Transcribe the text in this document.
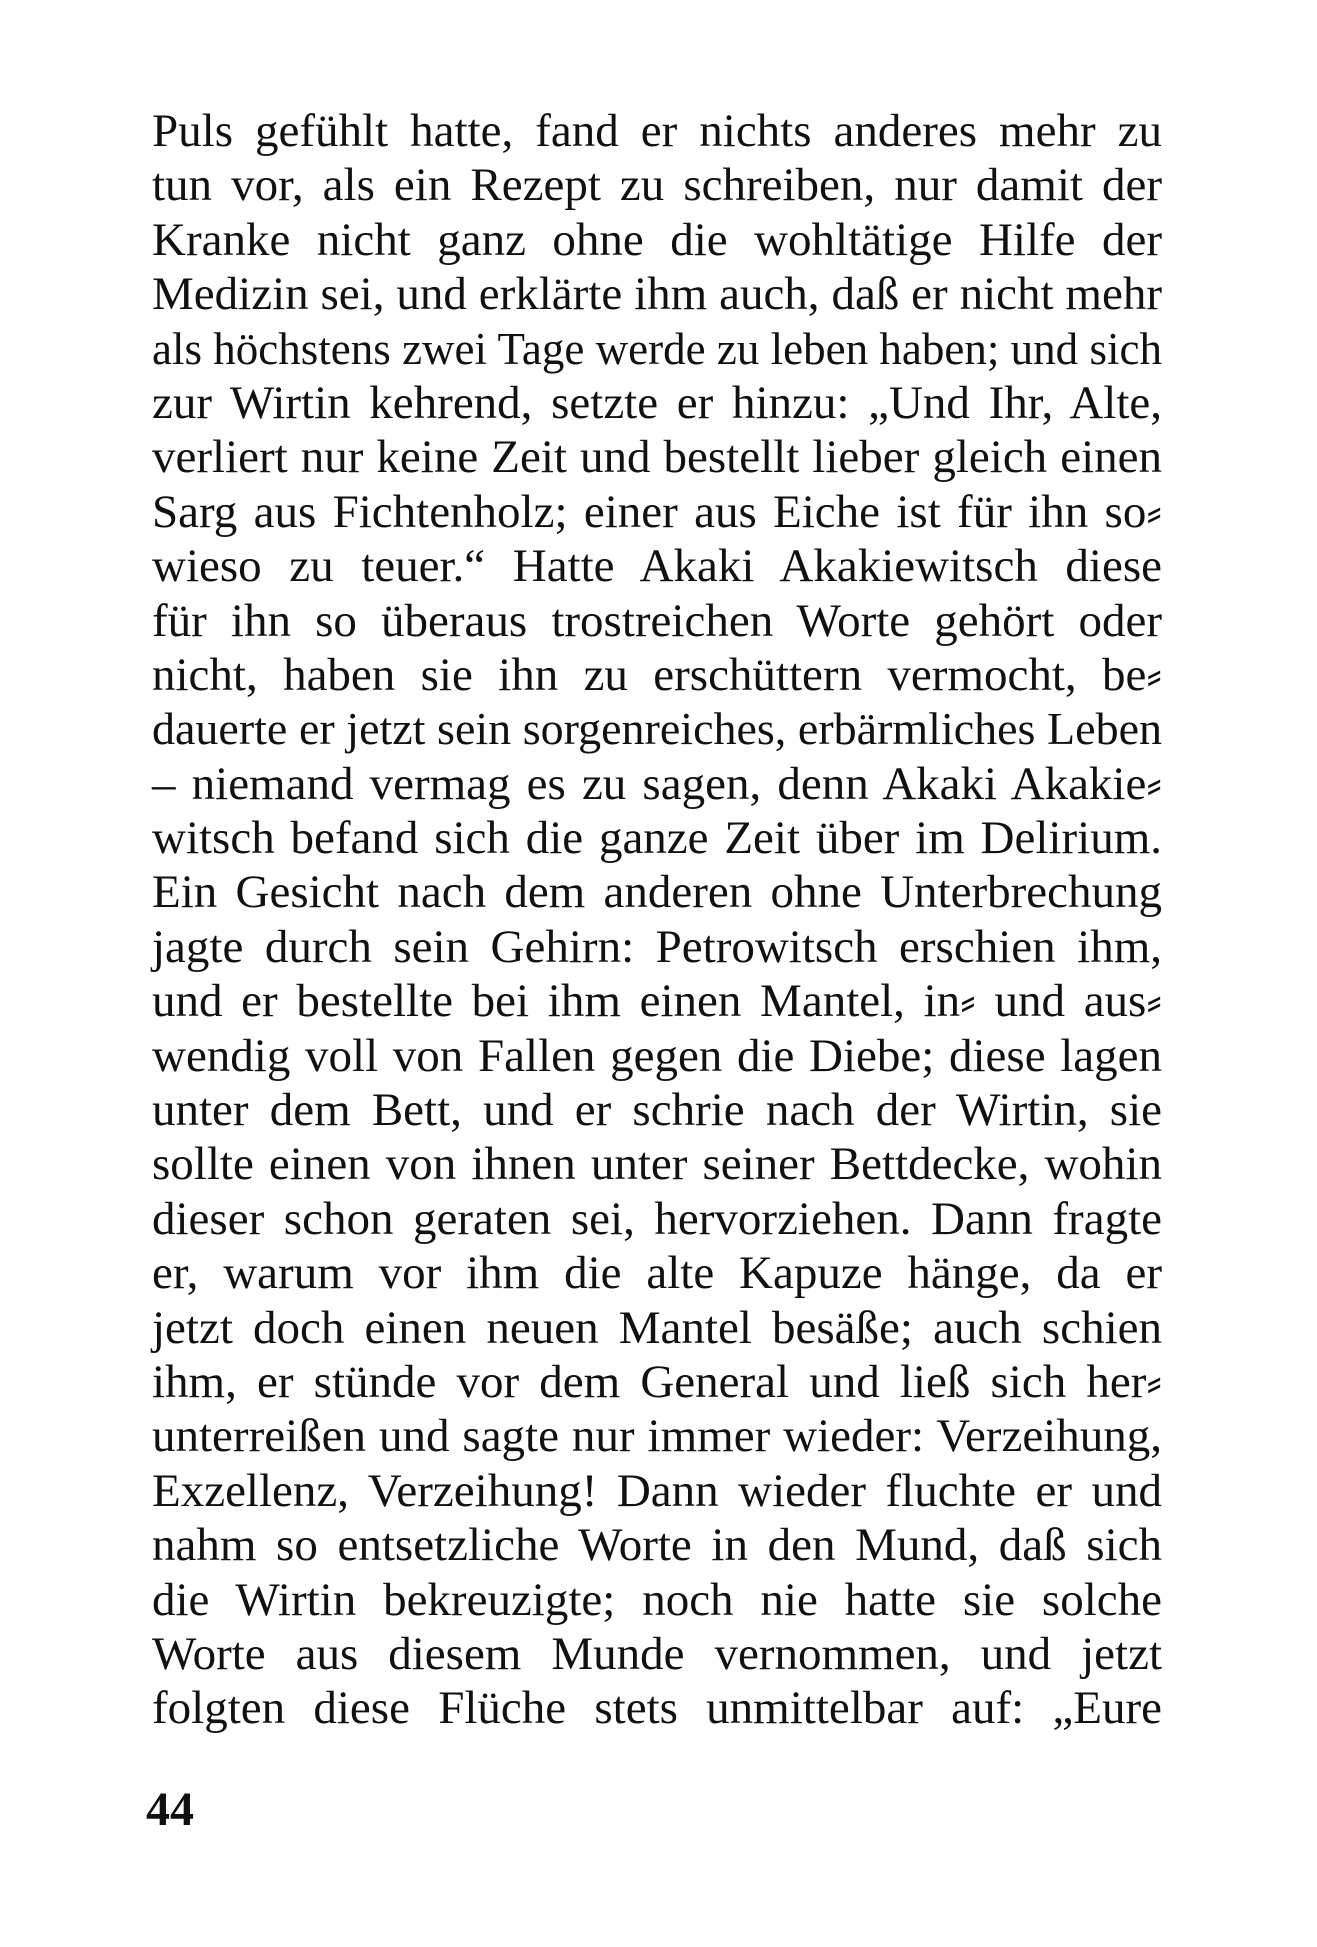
Puls gefühlt hatte, fand er nichts anderes mehr zu
tun vor, als ein Rezept zu schreiben, nur damit der
Kranke nicht ganz ohne die wohltätige Hilfe der
Medizin sei, und erklärte ihm auch, daß er nicht mehr
als höchstens zwei Tage werde zu leben haben; und sich
zur Wirtin kehrend, setzte er hinzu: „Und Ihr, Alte,
verliert nur keine Zeit und bestellt lieber gleich einen
Sarg aus Fichtenholz; einer aus Eiche ist für ihn so⸗
wieso zu teuer.“ Hatte Akaki Akakiewitsch diese
für ihn so überaus trostreichen Worte gehört oder
nicht, haben sie ihn zu erschüttern vermocht, be⸗
dauerte er jetzt sein sorgenreiches, erbärmliches Leben
– niemand vermag es zu sagen, denn Akaki Akakie⸗
witsch befand sich die ganze Zeit über im Delirium.
Ein Gesicht nach dem anderen ohne Unterbrechung
jagte durch sein Gehirn: Petrowitsch erschien ihm,
und er bestellte bei ihm einen Mantel, in⸗ und aus⸗
wendig voll von Fallen gegen die Diebe; diese lagen
unter dem Bett, und er schrie nach der Wirtin, sie
sollte einen von ihnen unter seiner Bettdecke, wohin
dieser schon geraten sei, hervorziehen. Dann fragte
er, warum vor ihm die alte Kapuze hänge, da er
jetzt doch einen neuen Mantel besäße; auch schien
ihm, er stünde vor dem General und ließ sich her⸗
unterreißen und sagte nur immer wieder: Verzeihung,
Exzellenz, Verzeihung! Dann wieder fluchte er und
nahm so entsetzliche Worte in den Mund, daß sich
die Wirtin bekreuzigte; noch nie hatte sie solche
Worte aus diesem Munde vernommen, und jetzt
folgten diese Flüche stets unmittelbar auf: „Eure
44
